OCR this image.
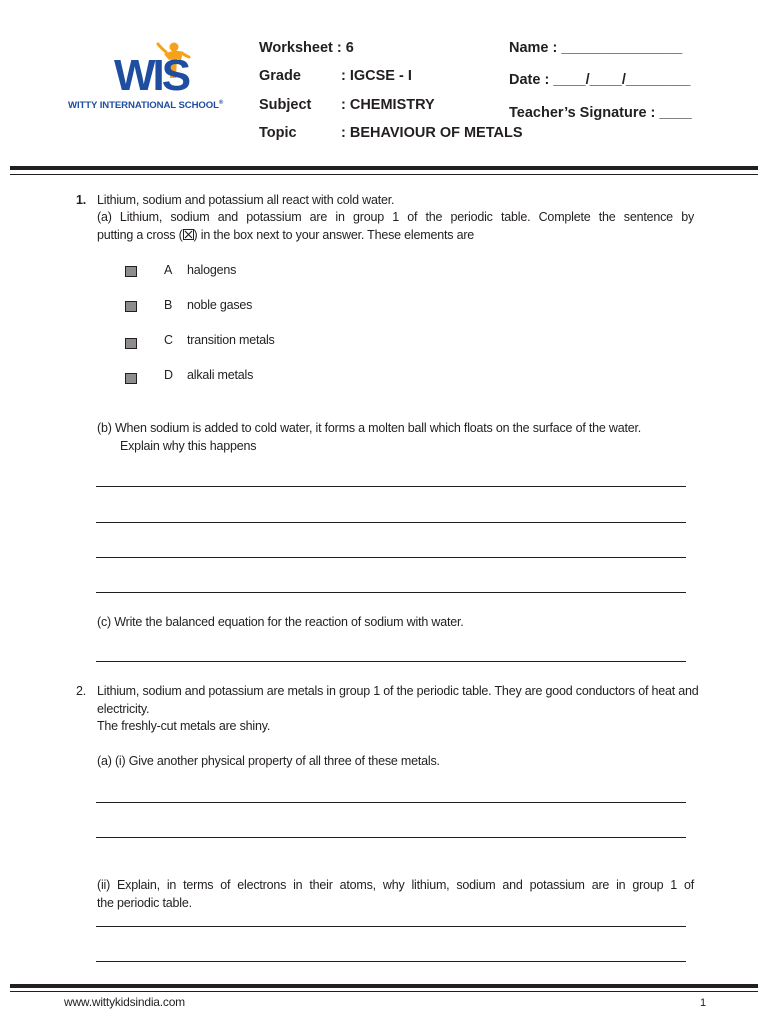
WIS
WITTY INTERNATIONAL SCHOOL®
Worksheet : 6
Grade	: IGCSE - I
Subject : CHEMISTRY
Topic	: BEHAVIOUR OF METALS
Name : _______________
Date : ____/____/________
Teacher’s Signature : ____
1. Lithium, sodium and potassium all react with cold water.
(a) Lithium, sodium and potassium are in group 1 of the periodic table. Complete the sentence by
putting a cross (☒) in the box next to your answer. These elements are
A halogens
B noble gases
C transition metals
D alkali metals
(b) When sodium is added to cold water, it forms a molten ball which floats on the surface of the water.
Explain why this happens
(c) Write the balanced equation for the reaction of sodium with water.
2. Lithium, sodium and potassium are metals in group 1 of the periodic table. They are good conductors of heat and
electricity.
The freshly-cut metals are shiny.
(a) (i) Give another physical property of all three of these metals.
(ii) Explain, in terms of electrons in their atoms, why lithium, sodium and potassium are in group 1 of
the periodic table.
www.wittykidsindia.com	1
